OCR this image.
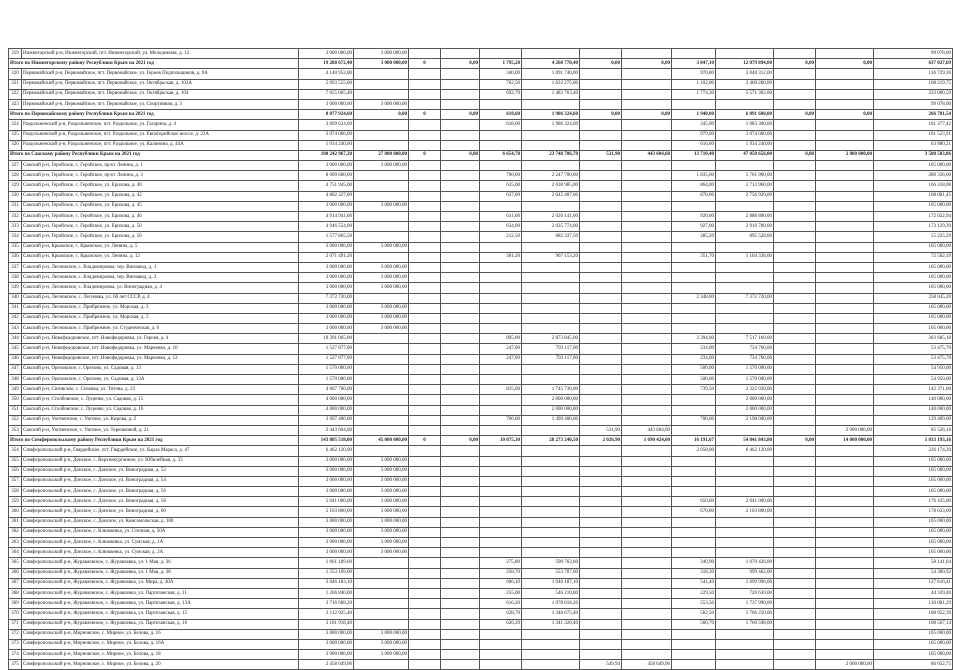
319	Нижнегорский р-н, Нижнегорский, пгт. Нижнегорский, ул. Молодежная, д. 12	3 000 000,00	3 000 000,00											99 078,00
Итого по Нижнегорскому району Республики Крым на 2021 год		19 288 672,40	3 000 000,00	0	0,00	1 795,20	4 268 778,40	0,00	0,00	3 847,10	12 079 894,00	0,00	0,00	637 027,69
320	Первомайский р-н, Первомайское, пгт. Первомайское, ул. Героев Подпольщиков, д. 9А	4 140 952,00				340,00	1 091 740,00			970,80	3 048 312,00			136 729,36
321	Первомайский р-н, Первомайское, пгт. Первомайское, ул. Октябрьская, д. 102А	5 093 555,00				762,50	1 633 275,00			1 102,00	3 460 280,00			168 219,75
322	Первомайский р-н, Первомайское, пгт. Первомайское, ул. Октябрьская, д. 104	7 055 065,40				692,70	1 483 763,40			1 774,30	5 571 302,00			233 000,59
323	Первомайский р-н, Первомайское, пгт. Первомайское, ул. Спортивная, д. 3	3 000 000,00	3 000 000,00											99 078,00
Итого по Первомайскому району Республики Крым на 2021 год		8 077 924,60	0,00	0	0,00	618,60	1 986 324,60	0,00	0,00	1 940,00	6 091 600,00	0,00	0,00	266 781,54
324	Раздольненский р-н, Раздольненское, пгт. Раздольное, ул. Гагарина, д. 4	3 069 624,60				618,60	1 986 324,60			345,00	1 083 300,00			101 377,42
325	Раздольненский р-н, Раздольненское, пгт. Раздольное, ул. Евпаторийское шоссе, д. 22А	3 074 060,00								979,00	3 074 060,00			101 523,91
326	Раздольненский р-н, Раздольненское, пгт. Раздольное, ул. Калинина, д. 44А	1 934 240,00								616,00	1 934 240,00			63 880,21
Итого по Сакскому району Республики Крым на 2021 год		100 242 967,20	27 000 000,00	0	0,00	6 654,70	23 748 706,70	531,90	443 604,60	13 710,40	47 050 656,00	0,00	2 000 000,00	3 508 503,86
327	Сакский р-н, Геройское, с. Геройское, пр-кт Ленина, д. 1	3 000 000,00	3 000 000,00											105 000,00
328	Сакский р-н, Геройское, с. Геройское, пр-кт Ленина, д. 3	8 009 600,00				700,00	2 247 700,00			1 835,00	5 761 900,00			280 336,00
329	Сакский р-н, Геройское, с. Геройское, ул. Ерихова, д. 40	4 751 945,00				635,00	2 038 985,00			864,00	2 712 960,00			166 318,08
330	Сакский р-н, Геройское, с. Геройское, ул. Ерихова, д. 42	4 802 327,00				637,00	2 045 407,00			878,00	2 756 920,00			168 081,45
331	Сакский р-н, Геройское, с. Геройское, ул. Ерихова, д. 45	3 000 000,00	3 000 000,00											105 000,00
332	Сакский р-н, Геройское, с. Геройское, ул. Ерихова, д. 46	4 914 941,00				631,00	2 026 141,00			920,00	2 888 800,00			172 022,94
333	Сакский р-н, Геройское, с. Геройское, ул. Ерихова, д. 50	4 946 554,00				634,00	2 035 774,00			927,00	2 910 780,00			173 129,39
334	Сакский р-н, Геройское, с. Геройское, ул. Ерихова, д. 56	1 577 865,50				212,50	682 337,50			285,20	895 528,00			55 225,29
335	Сакский р-н, Крымское, с. Крымское, ул. Ленина, д. 5	3 000 000,00	3 000 000,00											105 000,00
336	Сакский р-н, Крымское, с. Крымское, ул. Ленина, д. 12	2 071 491,20				301,20	967 153,20			351,70	1 104 338,00			72 502,19
337	Сакский р-н, Лесновское, с. Владимировка, тер. Винзавод, д. 1	3 000 000,00	3 000 000,00											105 000,00
338	Сакский р-н, Лесновское, с. Владимировка, тер. Винзавод, д. 2	3 000 000,00	3 000 000,00											105 000,00
339	Сакский р-н, Лесновское, с. Владимировка, ул. Виноградная, д. 4	3 000 000,00	3 000 000,00											105 000,00
340	Сакский р-н, Лесновское, с. Лесновка, ул. 60 лет СССР, д. 4	7 372 720,00								2 348,00	7 372 720,00			258 045,20
341	Сакский р-н, Лесновское, с. Прибрежное, ул. Морская, д. 3	3 000 000,00	3 000 000,00											105 000,00
342	Сакский р-н, Лесновское, с. Прибрежное, ул. Морская, д. 5	3 000 000,00	3 000 000,00											105 000,00
343	Сакский р-н, Лесновское, с. Прибрежное, ул. Студенческая, д. 6	3 000 000,00	3 000 000,00											105 000,00
344	Сакский р-н, Новофедоровское, пгт. Новофедоровка, ул. Героев, д. 4	10 391 065,00				895,00	2 873 845,00			2 394,00	7 517 160,00			363 685,18
345	Сакский р-н, Новофедоровское, пгт. Новофедоровка, ул. Марченко, д. 10	1 527 877,00				247,00	793 117,00			234,00	734 760,00			53 475,70
346	Сакский р-н, Новофедоровское, пгт. Новофедоровка, ул. Марченко, д. 12	1 527 877,00				247,00	793 117,00			234,00	734 760,00			53 475,70
347	Сакский р-н, Ореховское, с. Орехово, ул. Садовая, д. 13	1 570 000,00								500,00	1 570 000,00			54 950,00
348	Сакский р-н, Ореховское, с. Орехово, ул. Садовая, д. 13А	1 570 000,00								500,00	1 570 000,00			54 950,00
349	Сакский р-н, Сизовское, с. Сизовка, ул. Титова, д. 23	4 067 760,00				815,00	1 745 730,00			739,50	2 322 030,00			142 371,60
350	Сакский р-н, Столбовское, с. Луценко, ул. Садовая, д. 15	4 000 000,00					2 000 000,00				2 000 000,00			140 000,00
351	Сакский р-н, Столбовское, с. Луценко, ул. Садовая, д. 16	4 000 000,00					2 000 000,00				2 000 000,00			140 000,00
352	Сакский р-н, Уютненское, с. Уютное, ул. Кирова, д. 2	3 697 400,00				700,00	1 499 400,00			700,00	2 198 000,00			129 409,00
353	Сакский р-н, Уютненское, с. Уютное, ул. Терешковой, д. 21	2 443 604,60						531,90	443 604,60				2 000 000,00	85 526,16
Итого по Симферопольскому району Республики Крым на 2021 год		143 805 518,00	45 000 000,00	0	0,00	10 075,30	28 273 240,50	2 026,90	1 690 424,60	16 191,67	54 841 843,80	0,00	14 000 000,00	5 033 193,16
354	Симферопольский р-н, Гвардейское, пгт. Гвардейское, ул. Карла Маркса, д. 47	6 462 120,00								2 058,00	6 462 120,00			226 174,20
355	Симферопольский р-н, Донское, с. Верхнекурганное, ул. Юбилейная, д. 33	3 000 000,00	3 000 000,00											105 000,00
356	Симферопольский р-н, Донское, с. Донское, ул. Виноградная, д. 52	3 000 000,00	3 000 000,00											105 000,00
357	Симферопольский р-н, Донское, с. Донское, ул. Виноградная, д. 54	3 000 000,00	3 000 000,00											105 000,00
358	Симферопольский р-н, Донское, с. Донское, ул. Виноградная, д. 56	3 000 000,00	3 000 000,00											105 000,00
359	Симферопольский р-н, Донское, с. Донское, ул. Виноградная, д. 58	5 041 000,00	3 000 000,00							650,00	2 041 000,00			176 435,00
360	Симферопольский р-н, Донское, с. Донское, ул. Виноградная, д. 60	5 103 800,00	3 000 000,00							670,00	2 103 800,00			178 633,00
361	Симферопольский р-н, Донское, с. Донское, ул. Комсомольская, д. 180	3 000 000,00	3 000 000,00											105 000,00
362	Симферопольский р-н, Донское, с. Клюквенка, ул. Степная, д. 50А	3 000 000,00	3 000 000,00											105 000,00
363	Симферопольский р-н, Донское, с. Клюквенка, ул. Сумская, д. 1А	3 000 000,00	3 000 000,00											105 000,00
364	Симферопольский р-н, Донское, с. Клюквенка, ул. Сумская, д. 2А	3 000 000,00	3 000 000,00											105 000,00
365	Симферопольский р-н, Журавлевское, с. Журавлевка, ул. 1 Мая, д. 36	1 661 189,60				275,80	590 763,60			340,90	1 070 426,00			58 141,64
366	Симферопольский р-н, Журавлевское, с. Журавлевка, ул. 1 Мая, д. 38	1 553 169,00				258,70	553 707,00			318,30	999 462,00			54 360,92
367	Симферопольский р-н, Журавлевское, с. Журавлевка, ул. Мира, д. 40А	3 646 183,10				606,10	1 946 187,10			541,40	1 699 996,00			127 616,41
368	Симферопольский р-н, Журавлевское, с. Журавлевка, ул. Партизанская, д. 11	1 266 840,00				255,00	546 210,00			229,50	720 630,00			44 339,40
369	Симферопольский р-н, Журавлевское, с. Журавлевка, ул. Партизанская, д. 13А	3 716 608,20				616,20	1 978 618,20			553,50	1 737 990,00			130 081,29
370	Симферопольский р-н, Журавлевское, с. Журавлевка, ул. Партизанская, д. 15	3 112 925,40				628,70	1 346 675,40			562,50	1 766 250,00			108 952,39
371	Симферопольский р-н, Журавлевское, с. Журавлевка, ул. Партизанская, д. 16	3 101 918,40				626,20	1 341 320,40			560,70	1 760 598,00			108 567,14
372	Симферопольский р-н, Мирновское, с. Мирное, ул. Белова, д. 16	3 000 000,00	3 000 000,00											105 000,00
373	Симферопольский р-н, Мирновское, с. Мирное, ул. Белова, д. 16А	3 000 000,00	3 000 000,00											105 000,00
374	Симферопольский р-н, Мирновское, с. Мирное, ул. Белова, д. 18	3 000 000,00	3 000 000,00											105 000,00
375	Симферопольский р-н, Мирновское, с. Мирное, ул. Белова, д. 20	2 458 649,96						549,94	458 649,96				2 000 000,00	86 052,75
